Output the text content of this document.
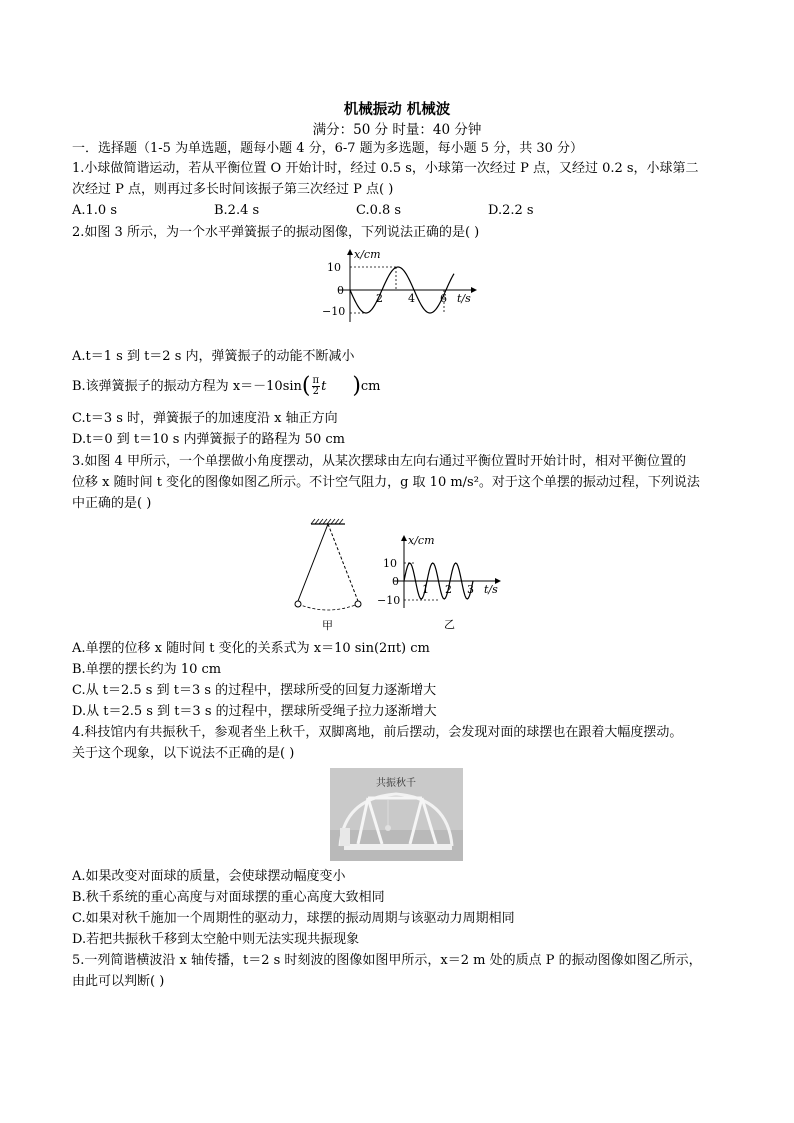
机械振动 机械波
满分：50 分 时量：40 分钟
一．选择题（1-5 为单选题，题每小题 4 分，6-7 题为多选题，每小题 5 分，共 30 分）
1.小球做简谐运动，若从平衡位置 O 开始计时，经过 0.5 s，小球第一次经过 P 点，又经过 0.2 s，小球第二
次经过 P 点，则再过多长时间该振子第三次经过 P 点( )
A.1.0 s	B.2.4 s	C.0.8 s	D.2.2 s
2.如图 3 所示，为一个水平弹簧振子的振动图像，下列说法正确的是( )
x/cm
t/s
10
0
−10
2 4 6
A.t＝1 s 到 t＝2 s 内，弹簧振子的动能不断减小
B.该弹簧振子的振动方程为 $x=-10\sin( \frac{\pi}{2}$ t )cm
C.t＝3 s 时，弹簧振子的加速度沿 x 轴正方向
D.t＝0 到 t＝10 s 内弹簧振子的路程为 50 cm
3.如图 4 甲所示，一个单摆做小角度摆动，从某次摆球由左向右通过平衡位置时开始计时，相对平衡位置的
位移 x 随时间 t 变化的图像如图乙所示。不计空气阻力，g 取 10 m/s²。对于这个单摆的振动过程，下列说法
中正确的是( )
甲
x/cm
t/s
10
0
−10
1 2 3
乙
A.单摆的位移 x 随时间 t 变化的关系式为 x＝10 sin(2πt) cm
B.单摆的摆长约为 10 cm
C.从 t＝2.5 s 到 t＝3 s 的过程中，摆球所受的回复力逐渐增大
D.从 t＝2.5 s 到 t＝3 s 的过程中，摆球所受绳子拉力逐渐增大
4.科技馆内有共振秋千，参观者坐上秋千，双脚离地，前后摆动，会发现对面的球摆也在跟着大幅度摆动。
关于这个现象，以下说法不正确的是( )
共振秋千
A.如果改变对面球的质量，会使球摆动幅度变小
B.秋千系统的重心高度与对面球摆的重心高度大致相同
C.如果对秋千施加一个周期性的驱动力，球摆的振动周期与该驱动力周期相同
D.若把共振秋千移到太空舱中则无法实现共振现象
5.一列简谐横波沿 x 轴传播，t＝2 s 时刻波的图像如图甲所示，x＝2 m 处的质点 P 的振动图像如图乙所示，
由此可以判断( )
